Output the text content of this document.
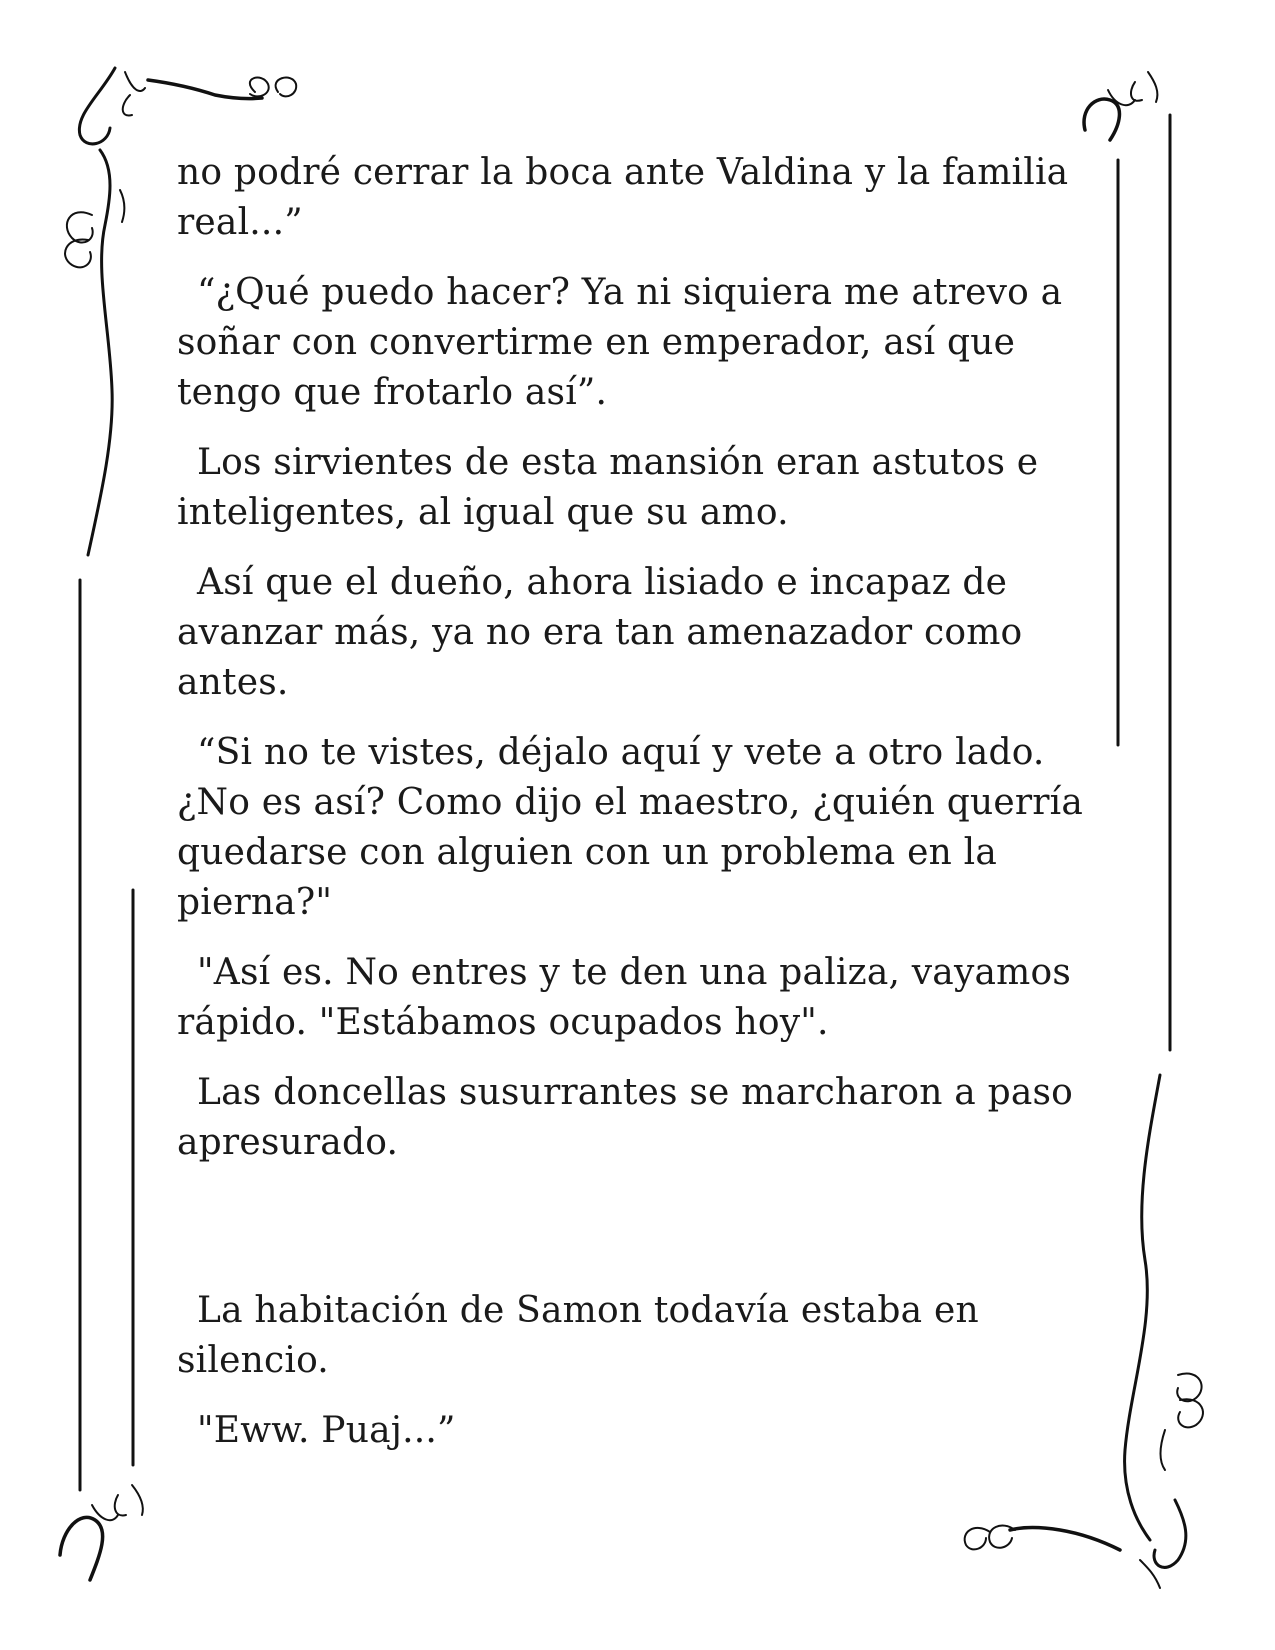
no podré cerrar la boca ante Valdina y la familia real...”

“¿Qué puedo hacer? Ya ni siquiera me atrevo a soñar con convertirme en emperador, así que tengo que frotarlo así”.

Los sirvientes de esta mansión eran astutos e inteligentes, al igual que su amo.

Así que el dueño, ahora lisiado e incapaz de avanzar más, ya no era tan amenazador como antes.

“Si no te vistes, déjalo aquí y vete a otro lado. ¿No es así? Como dijo el maestro, ¿quién querría quedarse con alguien con un problema en la pierna?"

"Así es. No entres y te den una paliza, vayamos rápido. "Estábamos ocupados hoy".

Las doncellas susurrantes se marcharon a paso apresurado.

La habitación de Samon todavía estaba en silencio.

"Eww. Puaj...”
